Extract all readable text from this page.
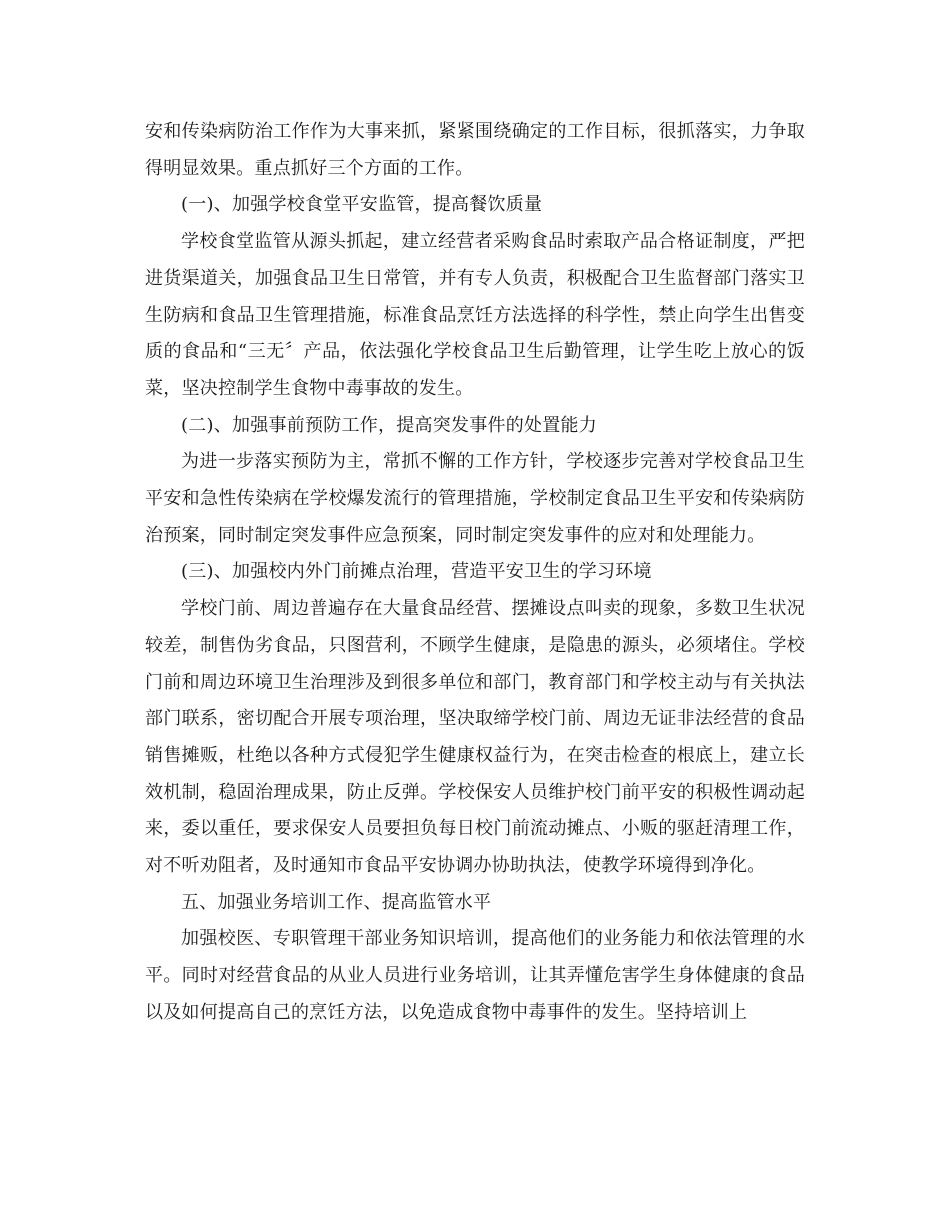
安和传染病防治工作作为大事来抓，紧紧围绕确定的工作目标，很抓落实，力争取得明显效果。重点抓好三个方面的工作。

(一)、加强学校食堂平安监管，提高餐饮质量

学校食堂监管从源头抓起，建立经营者采购食品时索取产品合格证制度，严把进货渠道关，加强食品卫生日常管，并有专人负责，积极配合卫生监督部门落实卫生防病和食品卫生管理措施，标准食品烹饪方法选择的科学性，禁止向学生出售变质的食品和“三无〞产品，依法强化学校食品卫生后勤管理，让学生吃上放心的饭菜，坚决控制学生食物中毒事故的发生。

(二)、加强事前预防工作，提高突发事件的处置能力

为进一步落实预防为主，常抓不懈的工作方针，学校逐步完善对学校食品卫生平安和急性传染病在学校爆发流行的管理措施，学校制定食品卫生平安和传染病防治预案，同时制定突发事件应急预案，同时制定突发事件的应对和处理能力。

(三)、加强校内外门前摊点治理，营造平安卫生的学习环境

学校门前、周边普遍存在大量食品经营、摆摊设点叫卖的现象，多数卫生状况较差，制售伪劣食品，只图营利，不顾学生健康，是隐患的源头，必须堵住。学校门前和周边环境卫生治理涉及到很多单位和部门，教育部门和学校主动与有关执法部门联系，密切配合开展专项治理，坚决取缔学校门前、周边无证非法经营的食品销售摊贩，杜绝以各种方式侵犯学生健康权益行为，在突击检查的根底上，建立长效机制，稳固治理成果，防止反弹。学校保安人员维护校门前平安的积极性调动起来，委以重任，要求保安人员要担负每日校门前流动摊点、小贩的驱赶清理工作，对不听劝阻者，及时通知市食品平安协调办协助执法，使教学环境得到净化。

五、加强业务培训工作、提高监管水平

加强校医、专职管理干部业务知识培训，提高他们的业务能力和依法管理的水平。同时对经营食品的从业人员进行业务培训，让其弄懂危害学生身体健康的食品以及如何提高自己的烹饪方法，以免造成食物中毒事件的发生。坚持培训上
